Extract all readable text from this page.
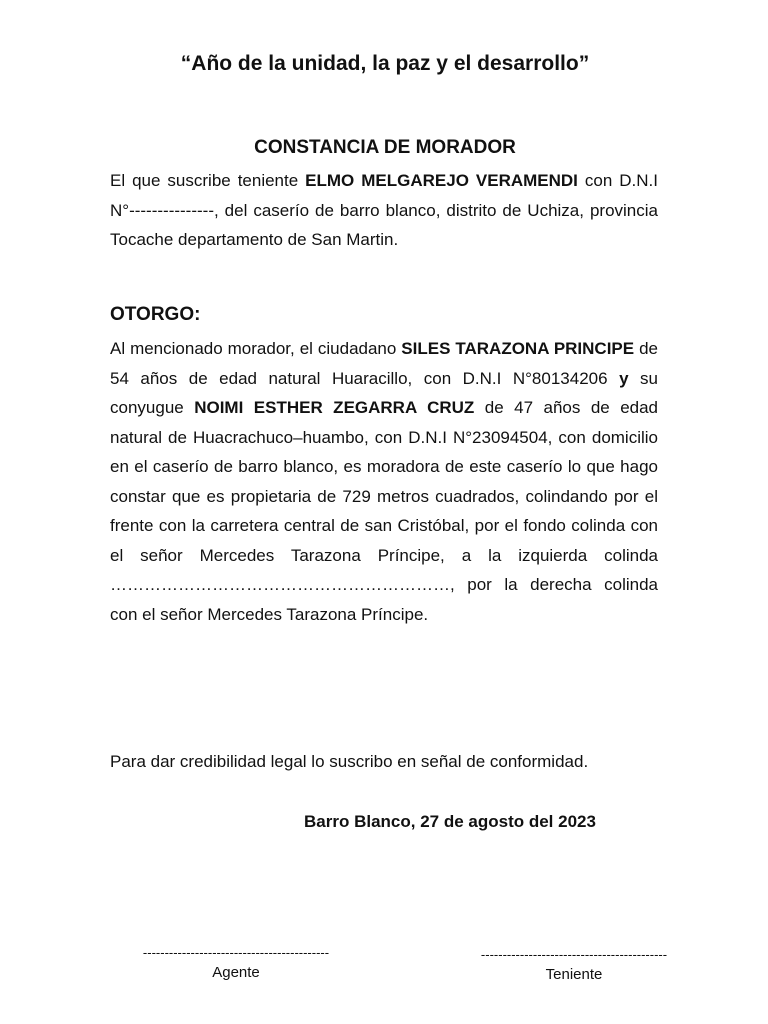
“Año de la unidad, la paz y el desarrollo”
CONSTANCIA DE MORADOR

El que suscribe teniente ELMO MELGAREJO VERAMENDI con D.N.I N°---------------, del caserío de barro blanco, distrito de Uchiza, provincia Tocache departamento de San Martin.

OTORGO:

Al mencionado morador, el ciudadano SILES TARAZONA PRINCIPE de 54 años de edad natural Huaracillo, con D.N.I N°80134206 y su conyugue NOIMI ESTHER ZEGARRA CRUZ de 47 años de edad natural de Huacrachuco–huambo, con D.N.I N°23094504, con domicilio en el caserío de barro blanco, es moradora de este caserío lo que hago constar que es propietaria de 729 metros cuadrados, colindando por el frente con la carretera central de san Cristóbal, por el fondo colinda con el señor Mercedes Tarazona Príncipe, a la izquierda colinda ……………………………………………………, por la derecha colinda con el señor Mercedes Tarazona Príncipe.

Para dar credibilidad legal lo suscribo en señal de conformidad.

Barro Blanco, 27 de agosto del 2023
-------------------------------------------
Agente
-------------------------------------------
Teniente
